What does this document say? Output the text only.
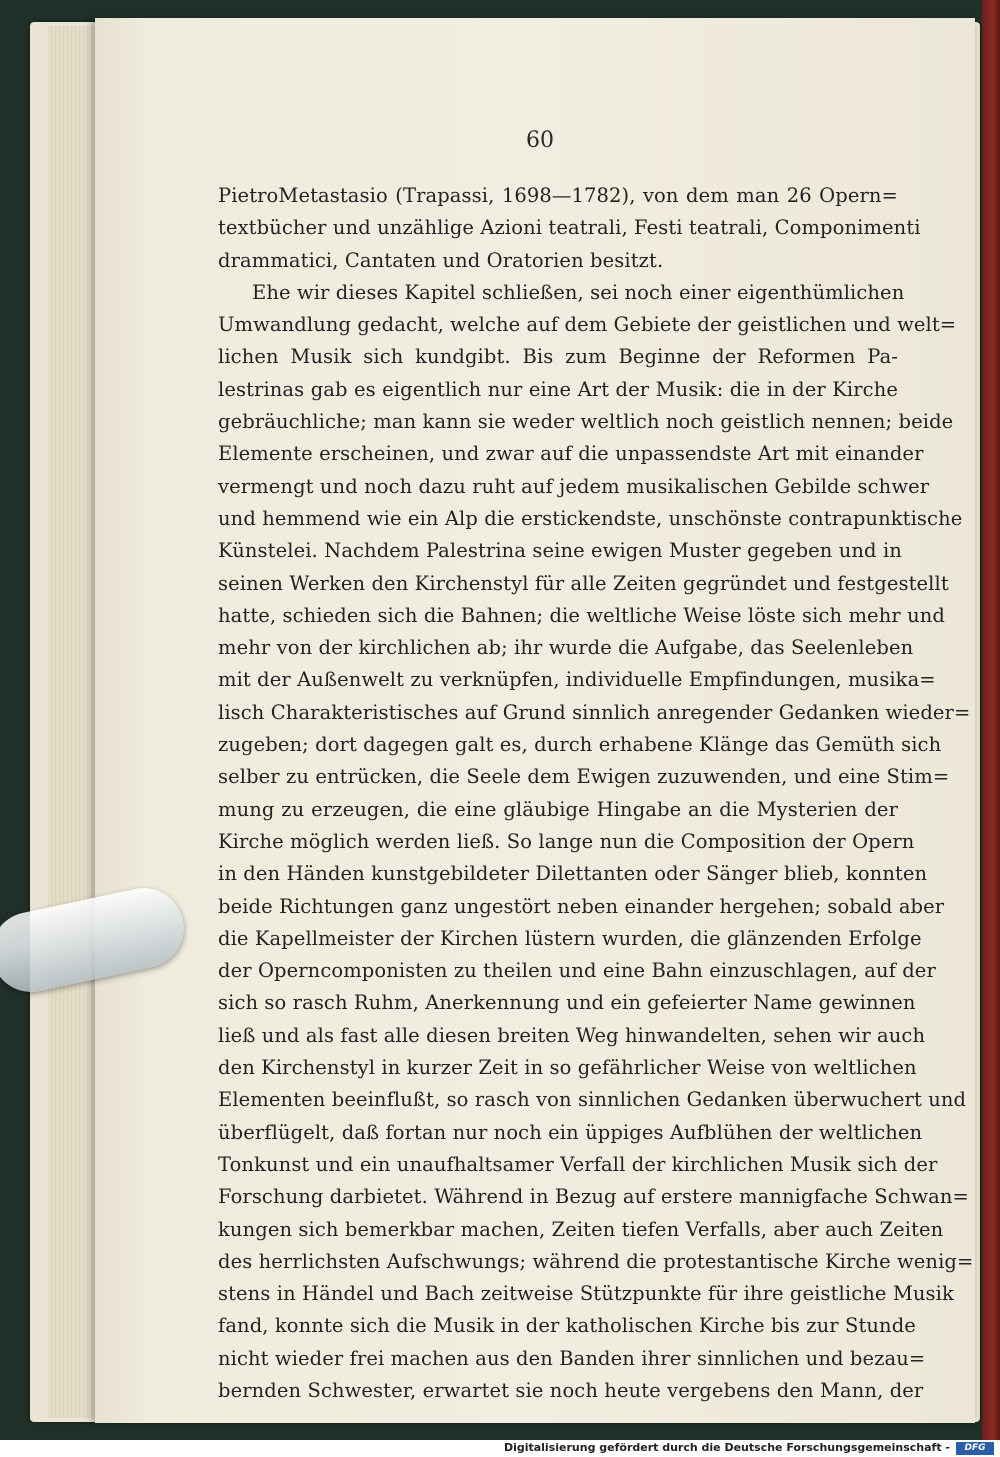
60
PietroMetastasio (Trapassi, 1698—1782), von dem man 26 Opern=
textbücher und unzählige Azioni teatrali, Festi teatrali, Componimenti
drammatici, Cantaten und Oratorien besitzt.
Ehe wir dieses Kapitel schließen, sei noch einer eigenthümlichen
Umwandlung gedacht, welche auf dem Gebiete der geistlichen und welt=
lichen Musik sich kundgibt. Bis zum Beginne der Reformen Pa-
lestrinas gab es eigentlich nur eine Art der Musik: die in der Kirche
gebräuchliche; man kann sie weder weltlich noch geistlich nennen; beide
Elemente erscheinen, und zwar auf die unpassendste Art mit einander
vermengt und noch dazu ruht auf jedem musikalischen Gebilde schwer
und hemmend wie ein Alp die erstickendste, unschönste contrapunktische
Künstelei. Nachdem Palestrina seine ewigen Muster gegeben und in
seinen Werken den Kirchenstyl für alle Zeiten gegründet und festgestellt
hatte, schieden sich die Bahnen; die weltliche Weise löste sich mehr und
mehr von der kirchlichen ab; ihr wurde die Aufgabe, das Seelenleben
mit der Außenwelt zu verknüpfen, individuelle Empfindungen, musika=
lisch Charakteristisches auf Grund sinnlich anregender Gedanken wieder=
zugeben; dort dagegen galt es, durch erhabene Klänge das Gemüth sich
selber zu entrücken, die Seele dem Ewigen zuzuwenden, und eine Stim=
mung zu erzeugen, die eine gläubige Hingabe an die Mysterien der
Kirche möglich werden ließ. So lange nun die Composition der Opern
in den Händen kunstgebildeter Dilettanten oder Sänger blieb, konnten
beide Richtungen ganz ungestört neben einander hergehen; sobald aber
die Kapellmeister der Kirchen lüstern wurden, die glänzenden Erfolge
der Operncomponisten zu theilen und eine Bahn einzuschlagen, auf der
sich so rasch Ruhm, Anerkennung und ein gefeierter Name gewinnen
ließ und als fast alle diesen breiten Weg hinwandelten, sehen wir auch
den Kirchenstyl in kurzer Zeit in so gefährlicher Weise von weltlichen
Elementen beeinflußt, so rasch von sinnlichen Gedanken überwuchert und
überflügelt, daß fortan nur noch ein üppiges Aufblühen der weltlichen
Tonkunst und ein unaufhaltsamer Verfall der kirchlichen Musik sich der
Forschung darbietet. Während in Bezug auf erstere mannigfache Schwan=
kungen sich bemerkbar machen, Zeiten tiefen Verfalls, aber auch Zeiten
des herrlichsten Aufschwungs; während die protestantische Kirche wenig=
stens in Händel und Bach zeitweise Stützpunkte für ihre geistliche Musik
fand, konnte sich die Musik in der katholischen Kirche bis zur Stunde
nicht wieder frei machen aus den Banden ihrer sinnlichen und bezau=
bernden Schwester, erwartet sie noch heute vergebens den Mann, der
Digitalisierung gefördert durch die Deutsche Forschungsgemeinschaft -	DFG
